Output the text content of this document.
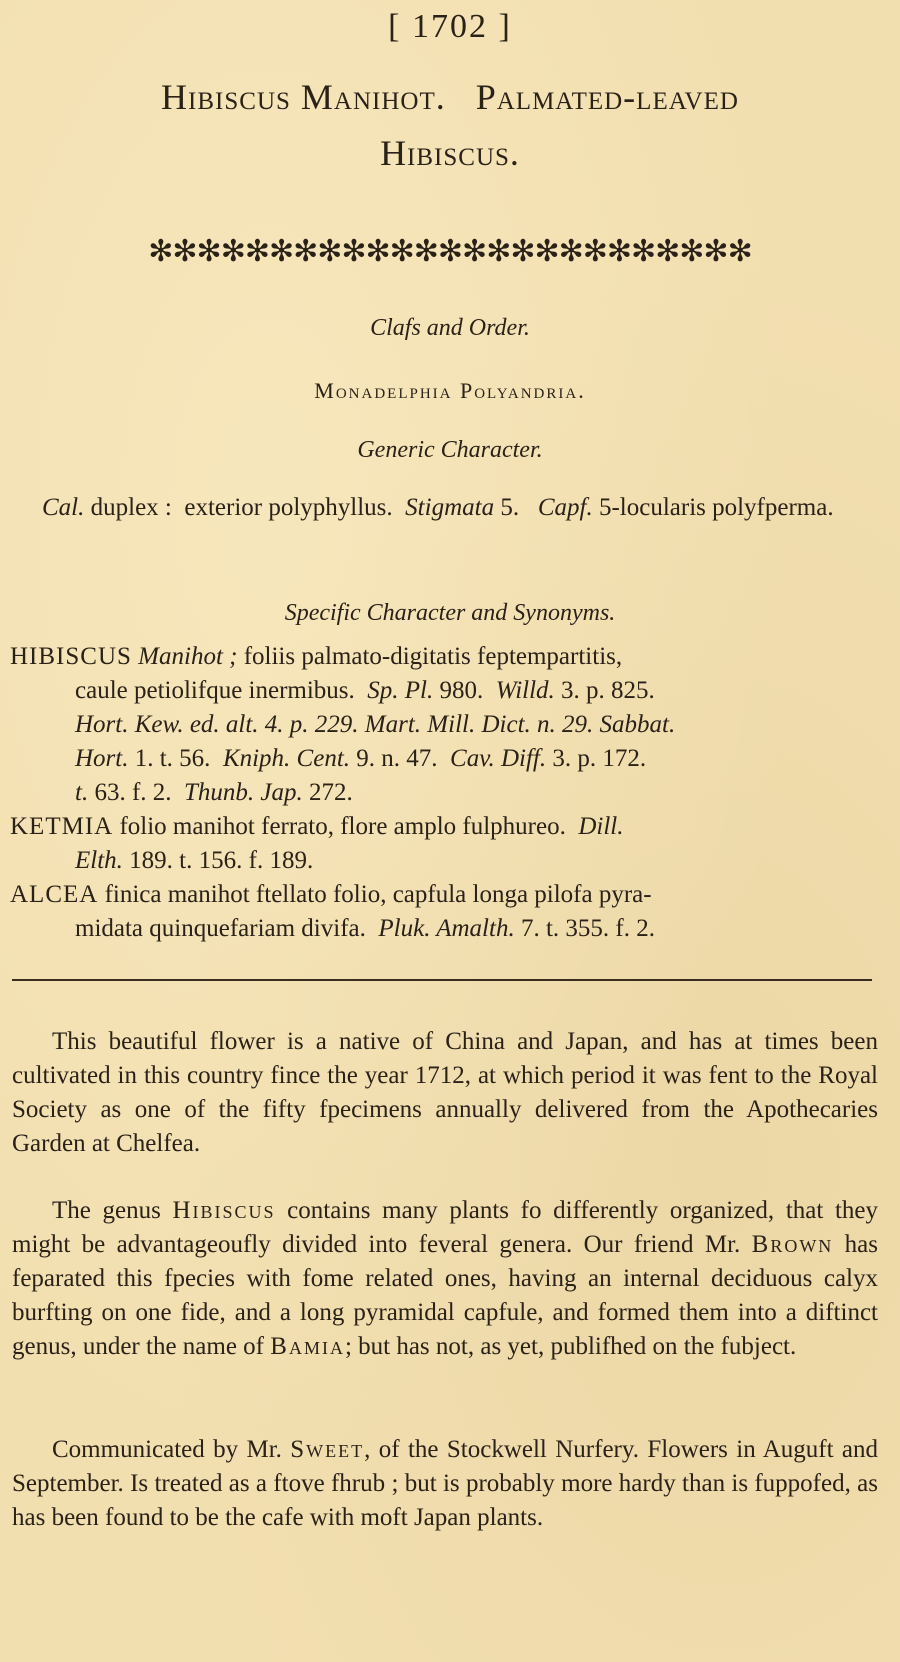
[ 1702 ]
Hibiscus Manihot.   Palmated-leaved
Hibiscus.
✻✻✻✻✻✻✻✻✻✻✻✻✻✻✻✻✻✻✻✻✻✻✻✻✻
Clafs and Order.
Monadelphia Polyandria.
Generic Character.
Cal. duplex :  exterior polyphyllus.  Stigmata 5.   Capf. 5-locularis polyfperma.
Specific Character and Synonyms.
HIBISCUS Manihot ; foliis palmato-digitatis feptempartitis,
caule petiolifque inermibus.  Sp. Pl. 980.  Willd. 3. p. 825.
Hort. Kew. ed. alt. 4. p. 229. Mart. Mill. Dict. n. 29. Sabbat.
Hort. 1. t. 56.  Kniph. Cent. 9. n. 47.  Cav. Diff. 3. p. 172.
t. 63. f. 2.  Thunb. Jap. 272.
KETMIA folio manihot ferrato, flore amplo fulphureo.  Dill.
Elth. 189. t. 156. f. 189.
ALCEA finica manihot ftellato folio, capfula longa pilofa pyra-
midata quinquefariam divifa.  Pluk. Amalth. 7. t. 355. f. 2.
This beautiful flower is a native of China and Japan, and has at times been cultivated in this country fince the year 1712, at which period it was fent to the Royal Society as one of the fifty fpecimens annually delivered from the Apothecaries Garden at Chelfea.
The genus Hibiscus contains many plants fo differently organized, that they might be advantageoufly divided into feveral genera. Our friend Mr. Brown has feparated this fpecies with fome related ones, having an internal deciduous calyx burfting on one fide, and a long pyramidal capfule, and formed them into a diftinct genus, under the name of Bamia; but has not, as yet, publifhed on the fubject.
Communicated by Mr. Sweet, of the Stockwell Nurfery. Flowers in Auguft and September. Is treated as a ftove fhrub ; but is probably more hardy than is fuppofed, as has been found to be the cafe with moft Japan plants.
